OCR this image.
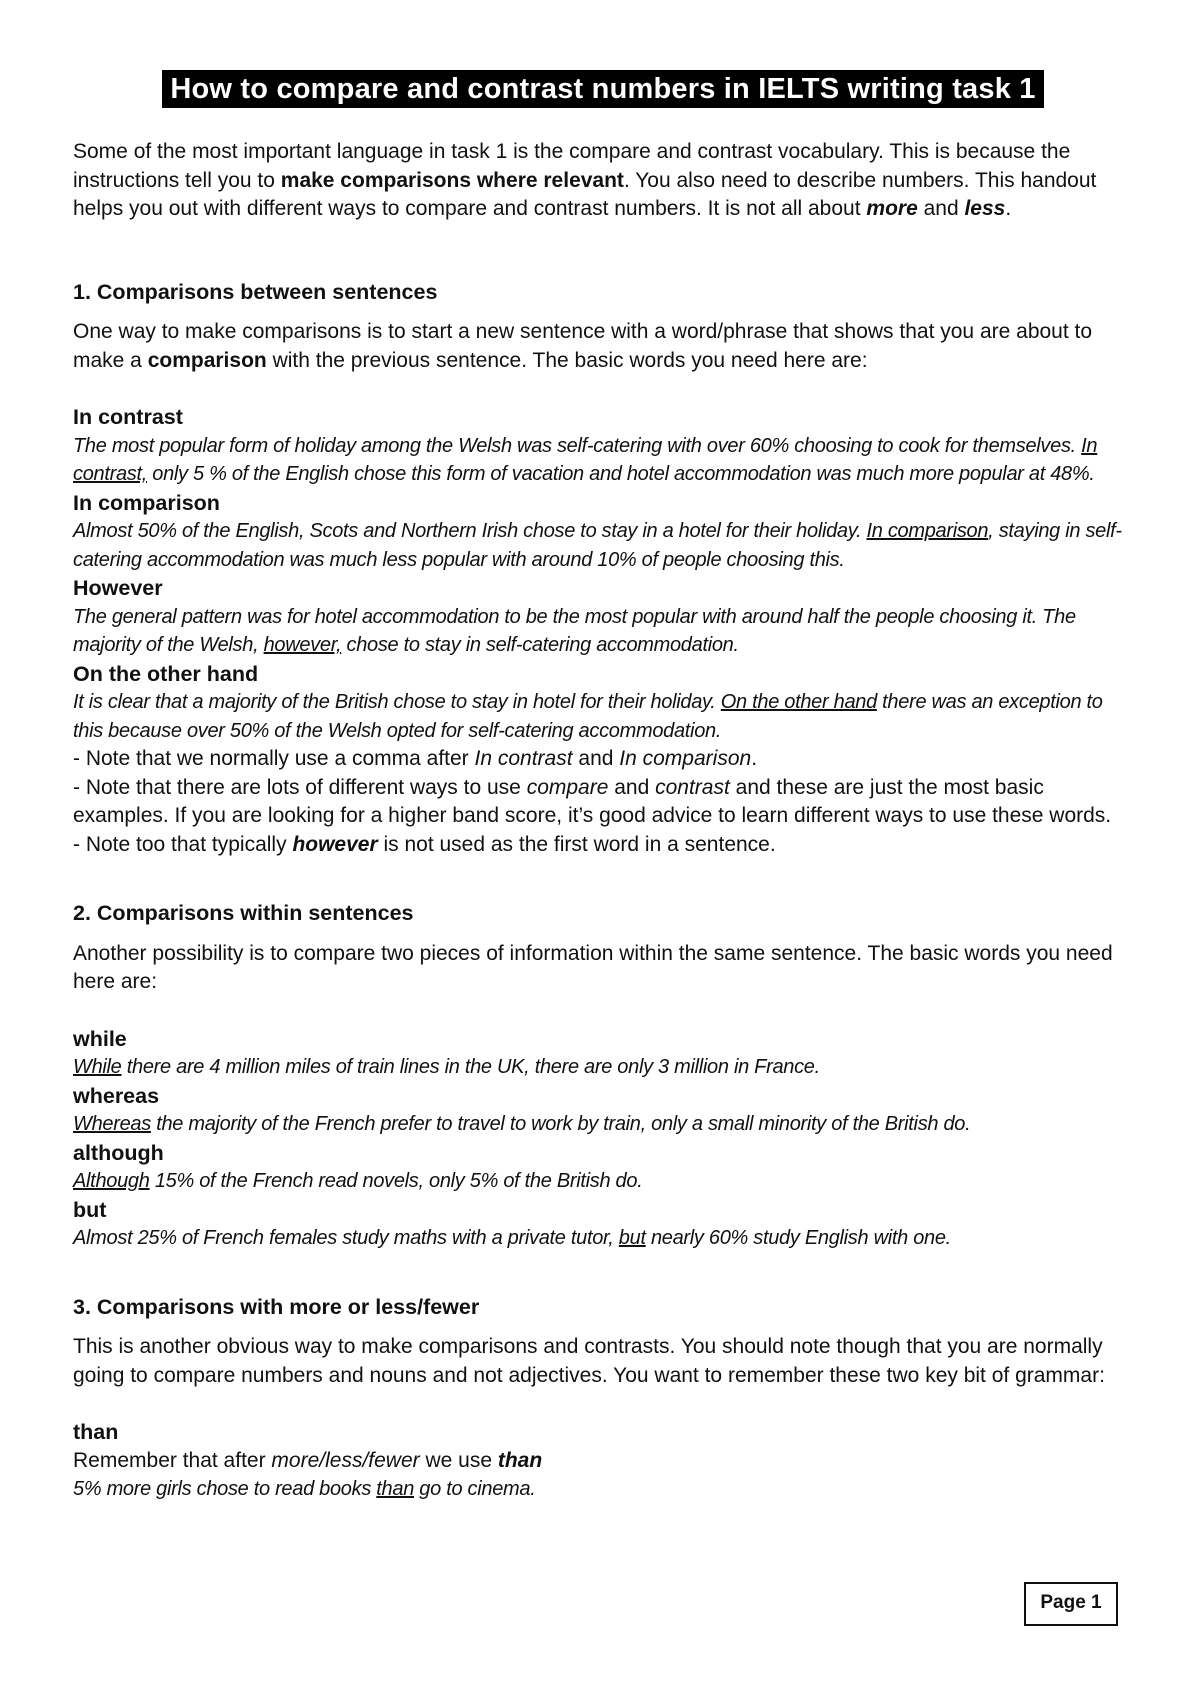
How to compare and contrast numbers in IELTS writing task 1

Some of the most important language in task 1 is the compare and contrast vocabulary. This is because the instructions tell you to make comparisons where relevant. You also need to describe numbers. This handout helps you out with different ways to compare and contrast numbers. It is not all about more and less.

1. Comparisons between sentences

One way to make comparisons is to start a new sentence with a word/phrase that shows that you are about to make a comparison with the previous sentence. The basic words you need here are:

In contrast

The most popular form of holiday among the Welsh was self-catering with over 60% choosing to cook for themselves. In contrast, only 5 % of the English chose this form of vacation and hotel accommodation was much more popular at 48%.

In comparison

Almost 50% of the English, Scots and Northern Irish chose to stay in a hotel for their holiday. In comparison, staying in self-catering accommodation was much less popular with around 10% of people choosing this.

However

The general pattern was for hotel accommodation to be the most popular with around half the people choosing it. The majority of the Welsh, however, chose to stay in self-catering accommodation.

On the other hand

It is clear that a majority of the British chose to stay in hotel for their holiday. On the other hand there was an exception to this because over 50% of the Welsh opted for self-catering accommodation.

- Note that we normally use a comma after In contrast and In comparison.

- Note that there are lots of different ways to use compare and contrast and these are just the most basic examples. If you are looking for a higher band score, it’s good advice to learn different ways to use these words.

- Note too that typically however is not used as the first word in a sentence.

2. Comparisons within sentences

Another possibility is to compare two pieces of information within the same sentence. The basic words you need here are:

while

While there are 4 million miles of train lines in the UK, there are only 3 million in France.

whereas

Whereas the majority of the French prefer to travel to work by train, only a small minority of the British do.

although

Although 15% of the French read novels, only 5% of the British do.

but

Almost 25% of French females study maths with a private tutor, but nearly 60% study English with one.

3. Comparisons with more or less/fewer

This is another obvious way to make comparisons and contrasts. You should note though that you are normally going to compare numbers and nouns and not adjectives. You want to remember these two key bit of grammar:

than

Remember that after more/less/fewer we use than

5% more girls chose to read books than go to cinema.

Page 1
